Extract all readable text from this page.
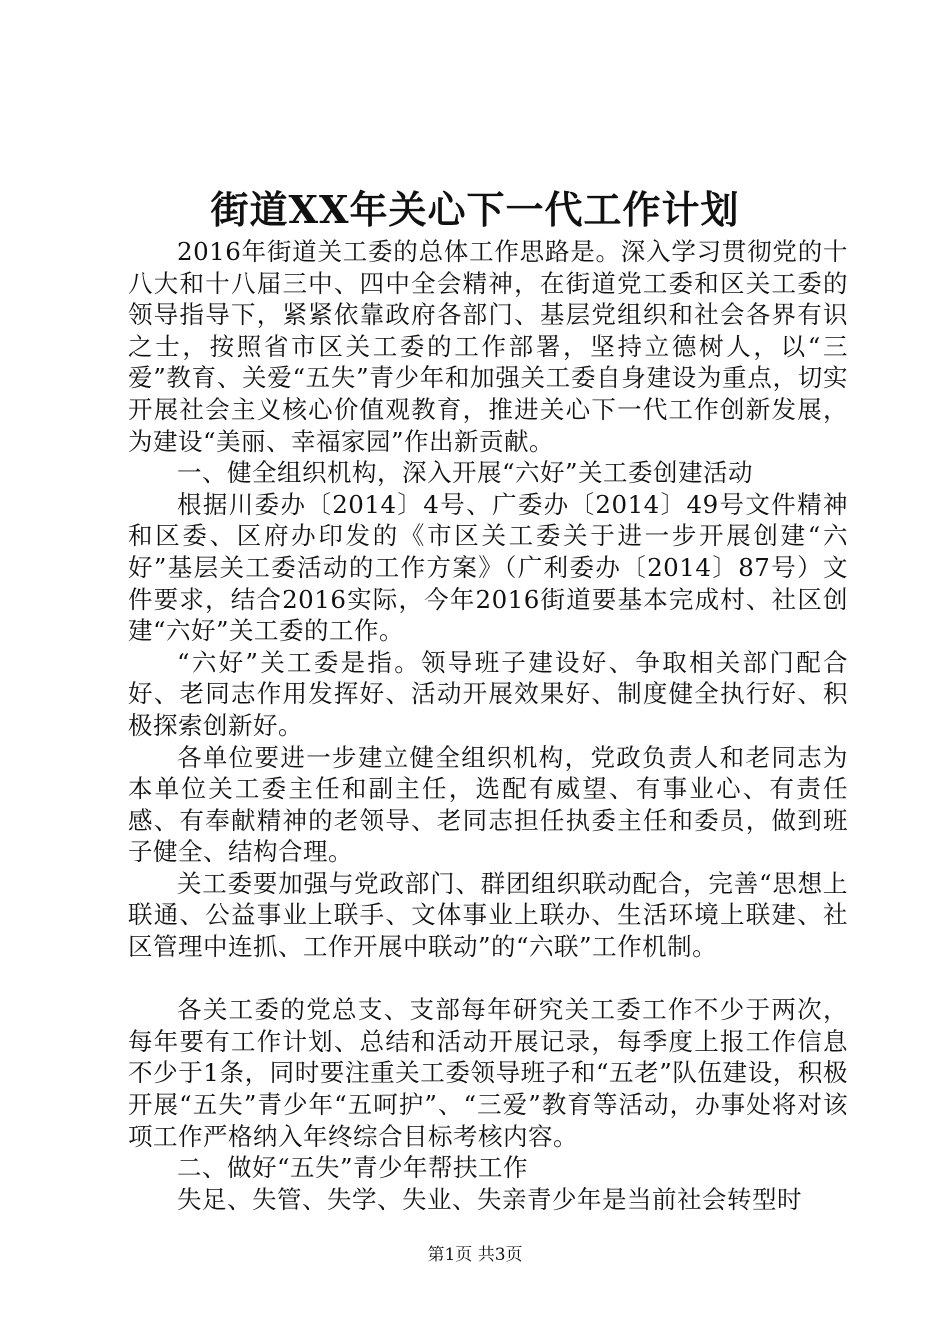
街道XX年关心下一代工作计划

2016年街道关工委的总体工作思路是。深入学习贯彻党的十八大和十八届三中、四中全会精神，在街道党工委和区关工委的领导指导下，紧紧依靠政府各部门、基层党组织和社会各界有识之士，按照省市区关工委的工作部署，坚持立德树人，以“三爱”教育、关爱“五失”青少年和加强关工委自身建设为重点，切实开展社会主义核心价值观教育，推进关心下一代工作创新发展，为建设“美丽、幸福家园”作出新贡献。

一、健全组织机构，深入开展“六好”关工委创建活动

根据川委办〔2014〕4号、广委办〔2014〕49号文件精神和区委、区府办印发的《市区关工委关于进一步开展创建“六好”基层关工委活动的工作方案》（广利委办〔2014〕87号）文件要求，结合2016实际，今年2016街道要基本完成村、社区创建“六好”关工委的工作。

“六好”关工委是指。领导班子建设好、争取相关部门配合好、老同志作用发挥好、活动开展效果好、制度健全执行好、积极探索创新好。

各单位要进一步建立健全组织机构，党政负责人和老同志为本单位关工委主任和副主任，选配有威望、有事业心、有责任感、有奉献精神的老领导、老同志担任执委主任和委员，做到班子健全、结构合理。

关工委要加强与党政部门、群团组织联动配合，完善“思想上联通、公益事业上联手、文体事业上联办、生活环境上联建、社区管理中连抓、工作开展中联动”的“六联”工作机制。

各关工委的党总支、支部每年研究关工委工作不少于两次，每年要有工作计划、总结和活动开展记录，每季度上报工作信息不少于1条，同时要注重关工委领导班子和“五老”队伍建设，积极开展“五失”青少年“五呵护”、“三爱”教育等活动，办事处将对该项工作严格纳入年终综合目标考核内容。

二、做好“五失”青少年帮扶工作

失足、失管、失学、失业、失亲青少年是当前社会转型时

第1页 共3页
